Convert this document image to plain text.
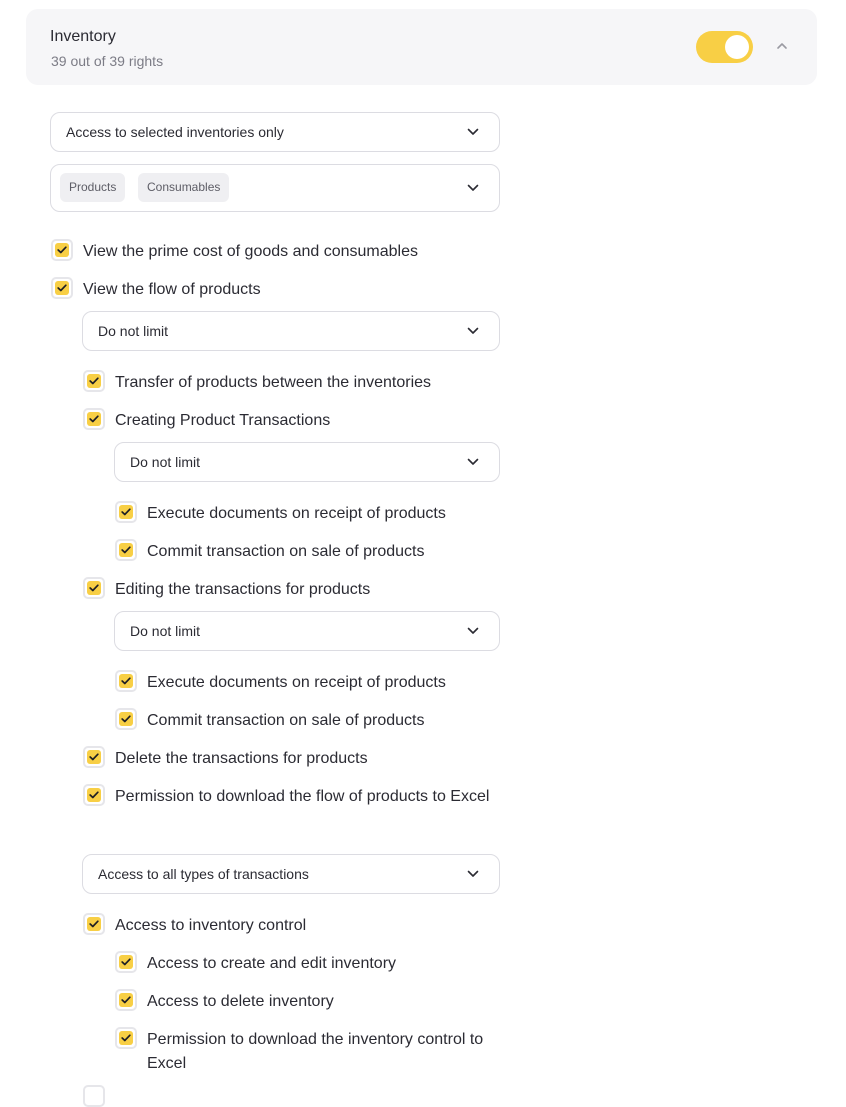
Inventory
39 out of 39 rights
Access to selected inventories only
Products	Consumables
View the prime cost of goods and consumables
View the flow of products
Do not limit
Transfer of products between the inventories
Creating Product Transactions
Do not limit
Execute documents on receipt of products
Commit transaction on sale of products
Editing the transactions for products
Do not limit
Execute documents on receipt of products
Commit transaction on sale of products
Delete the transactions for products
Permission to download the flow of products to Excel
Access to all types of transactions
Access to inventory control
Access to create and edit inventory
Access to delete inventory
Permission to download the inventory control to Excel
